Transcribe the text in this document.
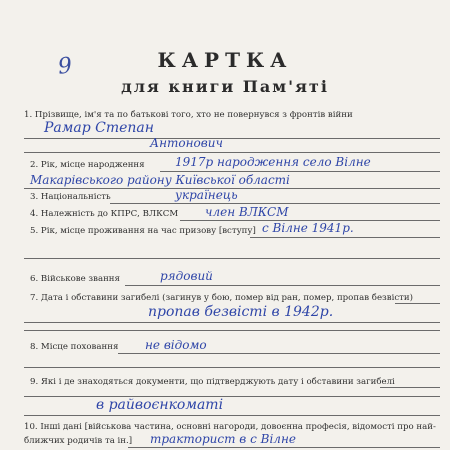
9	КАРТКА
для книги Пам'яті
1. Прізвище, ім'я та по батькові того, хто не повернувся з фронтів війни
Рамар Степан
Антонович
2. Рік, місце народження	1917р народження село Вілне
Макарівського району Київської області
3. Національність	українець
4. Належність до КПРС, ВЛКСМ член ВЛКСМ
5. Рік, місце проживання на час призову [вступу] с Вілне 1941р.
6. Військове звання	рядовий
7. Дата і обставини загибелі (загинув у бою, помер від ран, помер, пропав безвісти)
пропав безвісті в 1942р.
8. Місце поховання не відомо
9. Які і де знаходяться документи, що підтверджують дату і обставини загибелі
в райвоєнкоматі
10. Інші дані [військова частина, основні нагороди, довоєнна професія, відомості про най-
ближчих родичів та ін.] тракторист в с Вілне
